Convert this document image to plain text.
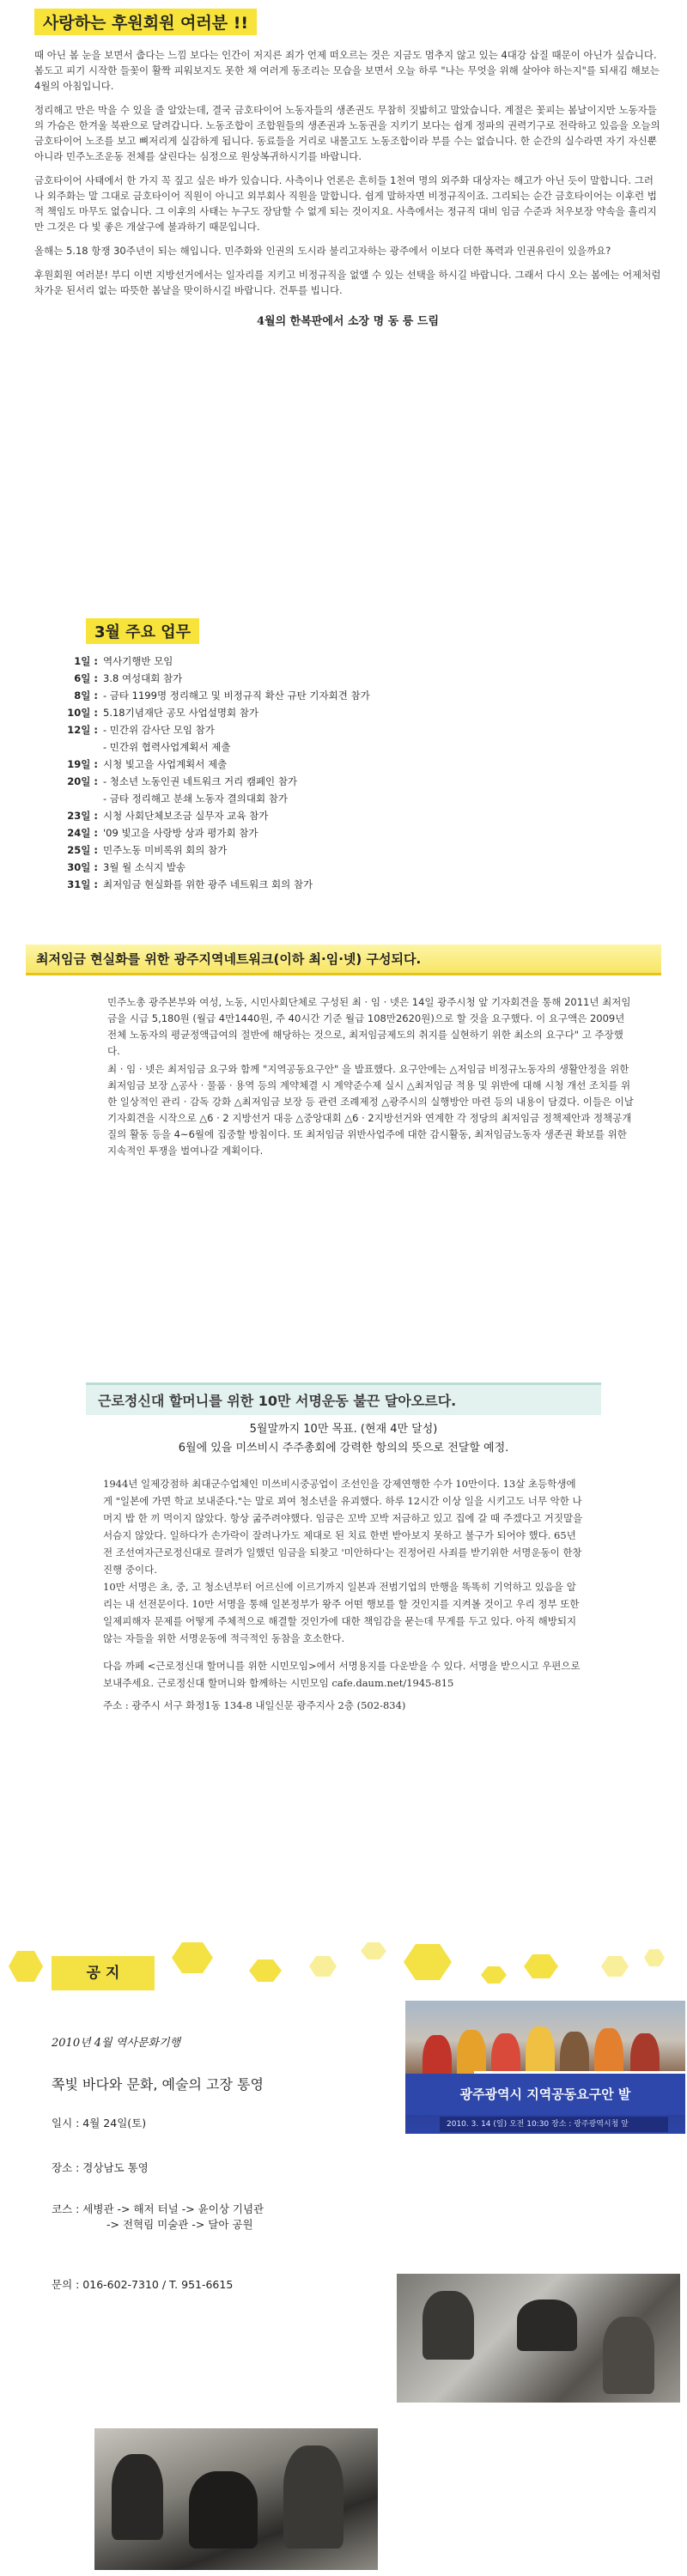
사랑하는 후원회원 여러분 !!

때 아닌 봄 눈을 보면서 춥다는 느낌 보다는 인간이 저지른 죄가 언제 떠오르는 것은 지금도 멈추지 않고 있는 4대강 삽질 때문이 아닌가 싶습니다. 봄도고 피기 시작한 들꽃이 활짝 피워보지도 못한 채 여러게 동조리는 모습을 보면서 오늘 하루 "나는 무엇을 위해 살아야 하는지"를 되새김 해보는 4월의 아침입니다.

정리해고 만은 막을 수 있을 줄 알았는데, 결국 금호타이어 노동자들의 생존권도 무참히 짓밟히고 말았습니다. 계절은 꽃피는 봄날이지만 노동자들의 가슴은 한겨울 북판으로 달려갑니다. 노동조합이 조합원들의 생존권과 노동권을 지키기 보다는 쉽게 정파의 권력기구로 전락하고 있음을 오늘의 금호타이어 노조를 보고 뼈저리게 실감하게 됩니다. 동료들을 거리로 내몰고도 노동조합이라 부를 수는 없습니다. 한 순간의 실수라면 자기 자신뿐 아니라 민주노조운동 전체를 살린다는 심정으로 원상복귀하시기를 바랍니다.

금호타이어 사태에서 한 가지 꼭 짚고 싶은 바가 있습니다. 사측이나 언론은 흔히들 1천여 명의 외주화 대상자는 해고가 아닌 듯이 말합니다. 그러나 외주화는 말 그대로 금호타이어 직원이 아니고 외부회사 직원을 말합니다. 쉽게 말하자면 비정규직이죠. 그리되는 순간 금호타이어는 이후런 법적 책임도 마무도 없습니다. 그 이후의 사태는 누구도 장담할 수 없게 되는 것이지요. 사측에서는 정규직 대비 임금 수준과 처우보장 약속을 흘리지만 그것은 다 빛 좋은 개살구에 불과하기 때문입니다.

올해는 5.18 항쟁 30주년이 되는 해입니다. 민주화와 인권의 도시라 불리고자하는 광주에서 이보다 더한 폭력과 인권유린이 있을까요?

후원회원 여러분! 부디 이번 지방선거에서는 일자리를 지키고 비정규직을 없앨 수 있는 선택을 하시길 바랍니다. 그래서 다시 오는 봄에는 어제처럼 차가운 된서리 없는 따뜻한 봄날을 맞이하시길 바랍니다. 건투를 빕니다.

4월의 한복판에서 소장 명 동 릉 드림
3월 주요 업무
1일 : 역사기행반 모임
6일 : 3.8 여성대회 참가
8일 : - 금타 1199명 정리해고 및 비정규직 확산 규탄 기자회견 참가
10일 : 5.18기념재단 공모 사업설명회 참가
12일 : - 민간위 감사단 모임 참가
- 민간위 협력사업계획서 제출
19일 : 시청 빛고을 사업계획서 제출
20일 : - 청소년 노동인권 네트워크 거리 캠페인 참가
- 금타 정리해고 분쇄 노동자 결의대회 참가
23일 : 시청 사회단체보조금 실무자 교육 참가
24일 : '09 빛고을 사랑방 상과 평가회 참가
25일 : 민주노동 미비록위 회의 참가
30일 : 3월 월 소식지 발송
31일 : 최저임금 현실화를 위한 광주 네트워크 회의 참가
최저임금 현실화를 위한 광주지역네트워크(이하 최·임·넷) 구성되다.

민주노총 광주본부와 여성, 노동, 시민사회단체로 구성된 최 · 임 · 넷은 14일 광주시청 앞 기자회견을 통해 2011년 최저임금을 시급 5,180원 (월급 4만1440원, 주 40시간 기준 월급 108만2620원)으로 할 것을 요구했다. 이 요구액은 2009년 전체 노동자의 평균정액급여의 절반에 해당하는 것으로, 최저임금제도의 취지를 실현하기 위한 최소의 요구다" 고 주장했다.

최 · 임 · 넷은 최저임금 요구와 함께 "지역공동요구안" 을 발표했다. 요구안에는 △저임금 비정규노동자의 생활안정을 위한 최저임금 보장 △공사 · 물품 · 용역 등의 계약체결 시 계약준수제 실시 △최저임금 적용 및 위반에 대해 시청 개선 조치를 위한 일상적인 관리 · 감독 강화 △최저임금 보장 등 관련 조례제정 △광주시의 실행방안 마련 등의 내용이 담겼다. 이들은 이날 기자회견을 시작으로 △6 · 2 지방선거 대응 △중앙대회 △6 · 2지방선거와 연계한 각 정당의 최저임금 정책제안과 정책공개질의 활동 등을 4~6월에 집중할 방침이다. 또 최저임금 위반사업주에 대한 감시활동, 최저임금노동자 생존권 확보를 위한 지속적인 투쟁을 벌여나갈 계획이다.

근로정신대 할머니를 위한 10만 서명운동 불끈 달아오르다.
5월말까지 10만 목표. (현재 4만 달성)
6월에 있을 미쓰비시 주주총회에 강력한 항의의 뜻으로 전달할 예정.

1944년 일제강점하 최대군수업체인 미쓰비시중공업이 조선인을 강제연행한 수가 10만이다. 13살 초등학생에게 "일본에 가면 학교 보내준다."는 말로 꾀여 청소년을 유괴했다. 하루 12시간 이상 일을 시키고도 너무 악한 나머지 밥 한 끼 먹이지 않았다. 항상 굶주려야했다. 임금은 꼬박 꼬박 저금하고 있고 집에 갈 때 주겠다고 거짓말을 서슴지 않았다. 일하다가 손가락이 잘려나가도 제대로 된 치료 한번 받아보지 못하고 불구가 되어야 했다. 65년 전 조선여자근로정신대로 끌려가 일했던 임금을 되찾고 '미안하다'는 진정어린 사죄를 받기위한 서명운동이 한창 진행 중이다.

10만 서명은 초, 중, 고 청소년부터 어르신에 이르기까지 일본과 전범기업의 만행을 똑똑히 기억하고 있음을 알리는 내 선전문이다. 10만 서명을 통해 일본정부가 왕주 어떤 행보를 할 것인지를 지켜볼 것이고 우리 정부 또한 일제피해자 문제를 어떻게 주체적으로 해결할 것인가에 대한 책임감을 묻는데 무게를 두고 있다. 아직 해방되지 않는 자들을 위한 서명운동에 적극적인 동참을 호소한다.

다음 까페 <근로정신대 할머니를 위한 시민모임>에서 서명용지를 다운받을 수 있다. 서명을 받으시고 우편으로 보내주세요. 근로정신대 할머니와 함께하는 시민모임 cafe.daum.net/1945-815

주소 : 광주시 서구 화정1동 134-8 내일신문 광주지사 2층 (502-834)

공 지
2010년 4월 역사문화기행
쪽빛 바다와 문화, 예술의 고장 통영
일시 : 4월 24일(토)
장소 : 경상남도 통영
코스 : 세병관 -> 해저 터널 -> 윤이상 기념관
-> 전혁림 미술관 -> 달아 공원
문의 : 016-602-7310 / T. 951-6615
광주광역시 지역공동요구안 발
2010. 3. 14 (일) 오전 10:30 장소 : 광주광역시청 앞
